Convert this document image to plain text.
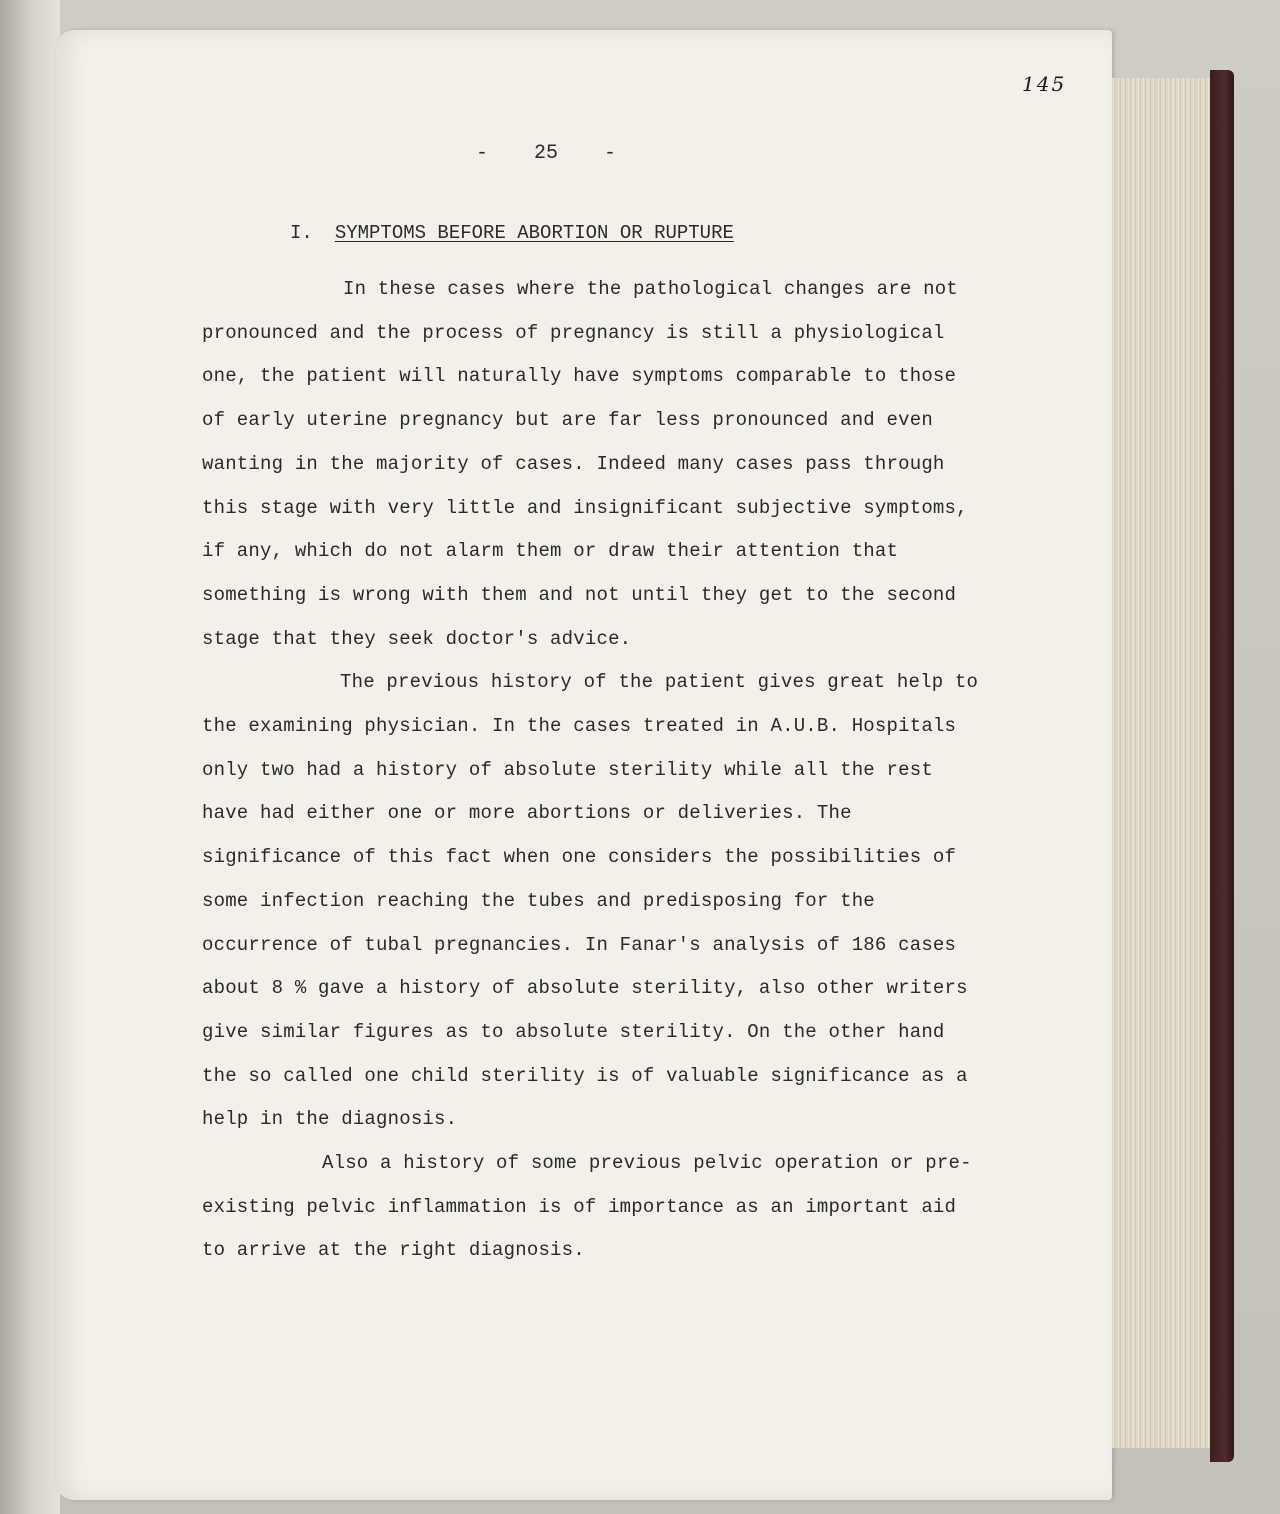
145
- 25 -
I. SYMPTOMS BEFORE ABORTION OR RUPTURE

In these cases where the pathological changes are not pronounced and the process of pregnancy is still a physiological one, the patient will naturally have symptoms comparable to those of early uterine pregnancy but are far less pronounced and even wanting in the majority of cases. Indeed many cases pass through this stage with very little and insignificant subjective symptoms, if any, which do not alarm them or draw their attention that something is wrong with them and not until they get to the second stage that they seek doctor's advice.

The previous history of the patient gives great help to the examining physician. In the cases treated in A.U.B. Hospitals only two had a history of absolute sterility while all the rest have had either one or more abortions or deliveries. The significance of this fact when one considers the possibilities of some infection reaching the tubes and predisposing for the occurrence of tubal pregnancies. In Fanar's analysis of 186 cases about 8 % gave a history of absolute sterility, also other writers give similar figures as to absolute sterility. On the other hand the so called one child sterility is of valuable significance as a help in the diagnosis.

Also a history of some previous pelvic operation or pre-existing pelvic inflammation is of importance as an important aid to arrive at the right diagnosis.
